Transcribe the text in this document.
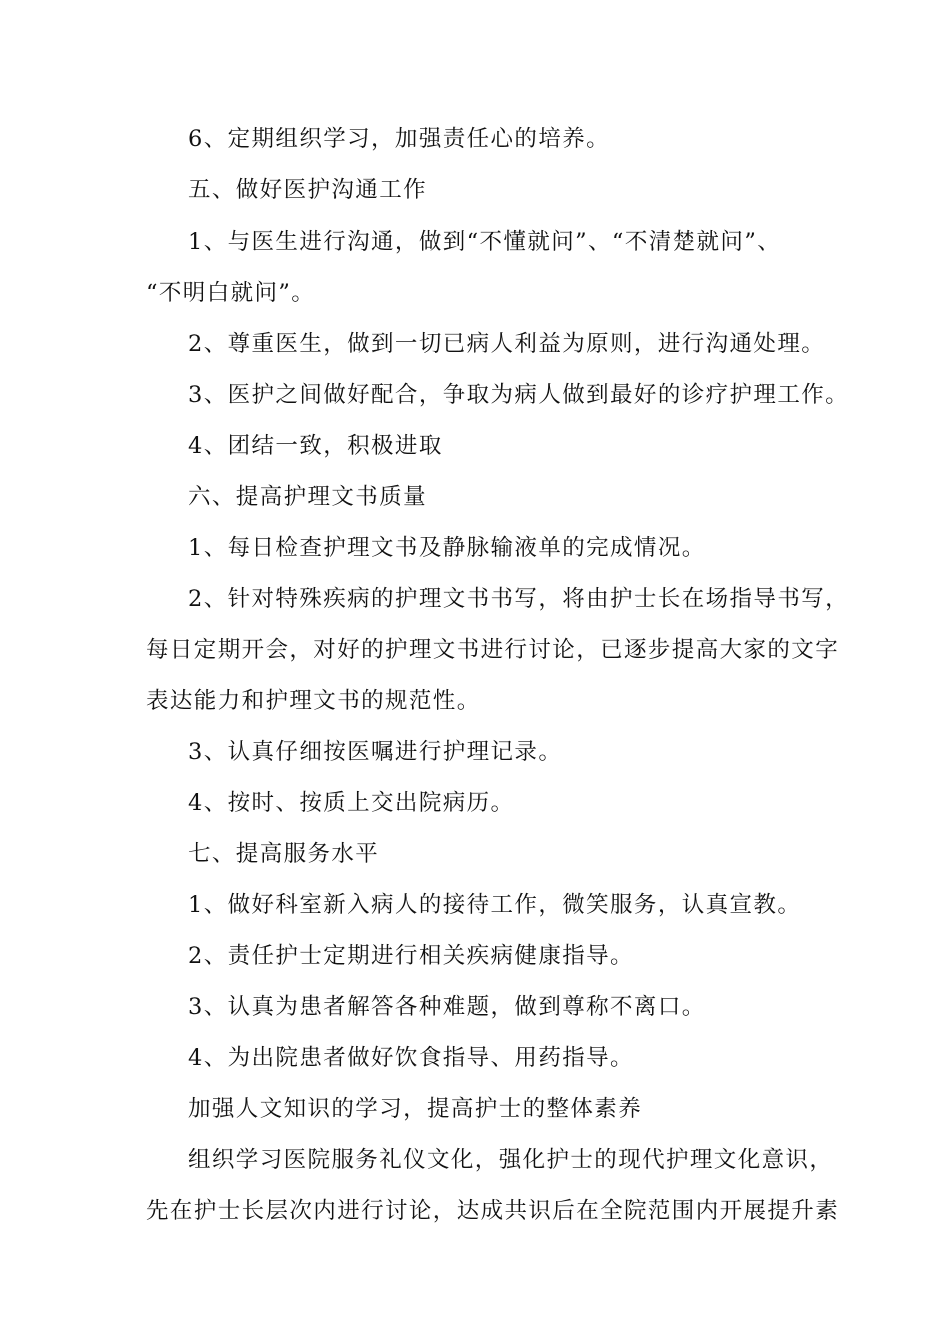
6、定期组织学习，加强责任心的培养。
五、做好医护沟通工作
1、与医生进行沟通，做到“不懂就问”、“不清楚就问”、
“不明白就问”。
2、尊重医生，做到一切已病人利益为原则，进行沟通处理。
3、医护之间做好配合，争取为病人做到最好的诊疗护理工作。
4、团结一致，积极进取
六、提高护理文书质量
1、每日检查护理文书及静脉输液单的完成情况。
2、针对特殊疾病的护理文书书写，将由护士长在场指导书写，
每日定期开会，对好的护理文书进行讨论，已逐步提高大家的文字
表达能力和护理文书的规范性。
3、认真仔细按医嘱进行护理记录。
4、按时、按质上交出院病历。
七、提高服务水平
1、做好科室新入病人的接待工作，微笑服务，认真宣教。
2、责任护士定期进行相关疾病健康指导。
3、认真为患者解答各种难题，做到尊称不离口。
4、为出院患者做好饮食指导、用药指导。
加强人文知识的学习，提高护士的整体素养
组织学习医院服务礼仪文化，强化护士的现代护理文化意识，
先在护士长层次内进行讨论，达成共识后在全院范围内开展提升素
